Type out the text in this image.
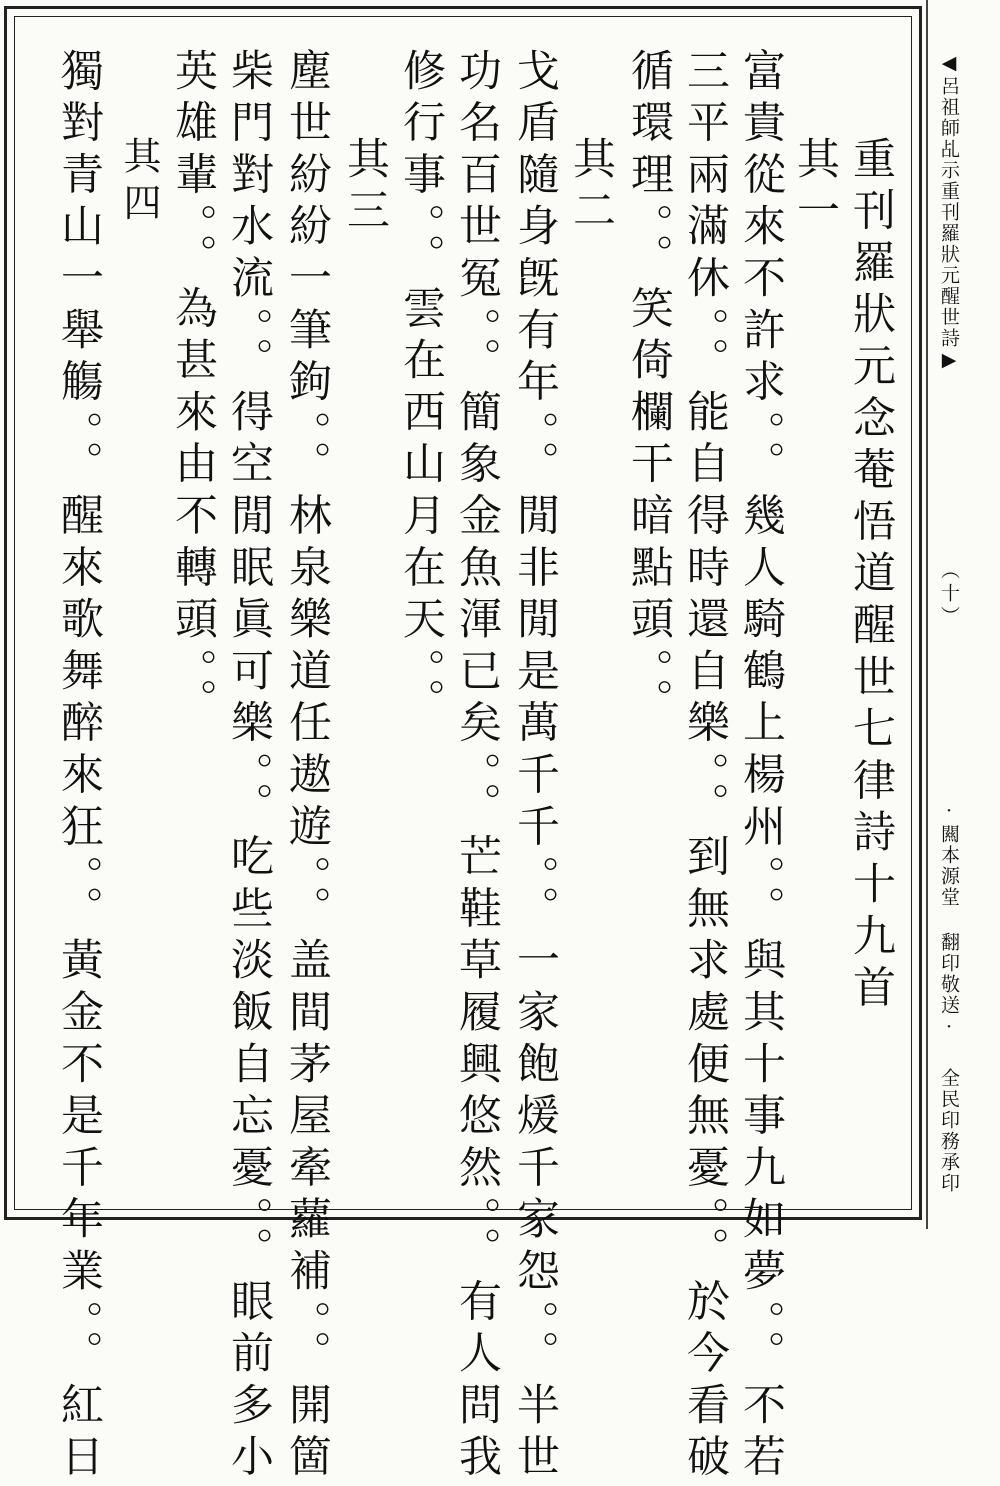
重刊羅狀元念菴悟道醒世七律詩十九首
其一
富貴從來不許求。。幾人騎鶴上楊州。。與其十事九如夢。。不若
三平兩滿休。。能自得時還自樂。。到無求處便無憂。。於今看破
循環理。。笑倚欄干暗點頭。。
其二
戈盾隨身旣有年。。閒非閒是萬千千。。一家飽煖千家怨。。半世
功名百世冤。。簡象金魚渾已矣。。芒鞋草履興悠然。。有人問我
修行事。。雲在西山月在天。。
其三
塵世紛紛一筆鉤。。林泉樂道任遨遊。。盖間茅屋牽蘿補。。開箇
柴門對水流。。得空閒眠眞可樂。。吃些淡飯自忘憂。。眼前多小
英雄輩。。為甚來由不轉頭。。
其四
獨對青山一舉觴。。醒來歌舞醉來狂。。黃金不是千年業。。紅日	◀呂祖師乩示重刊羅狀元醒世詩▶
（十）
·闗本源堂 翻印敬送·
全民印務承印
